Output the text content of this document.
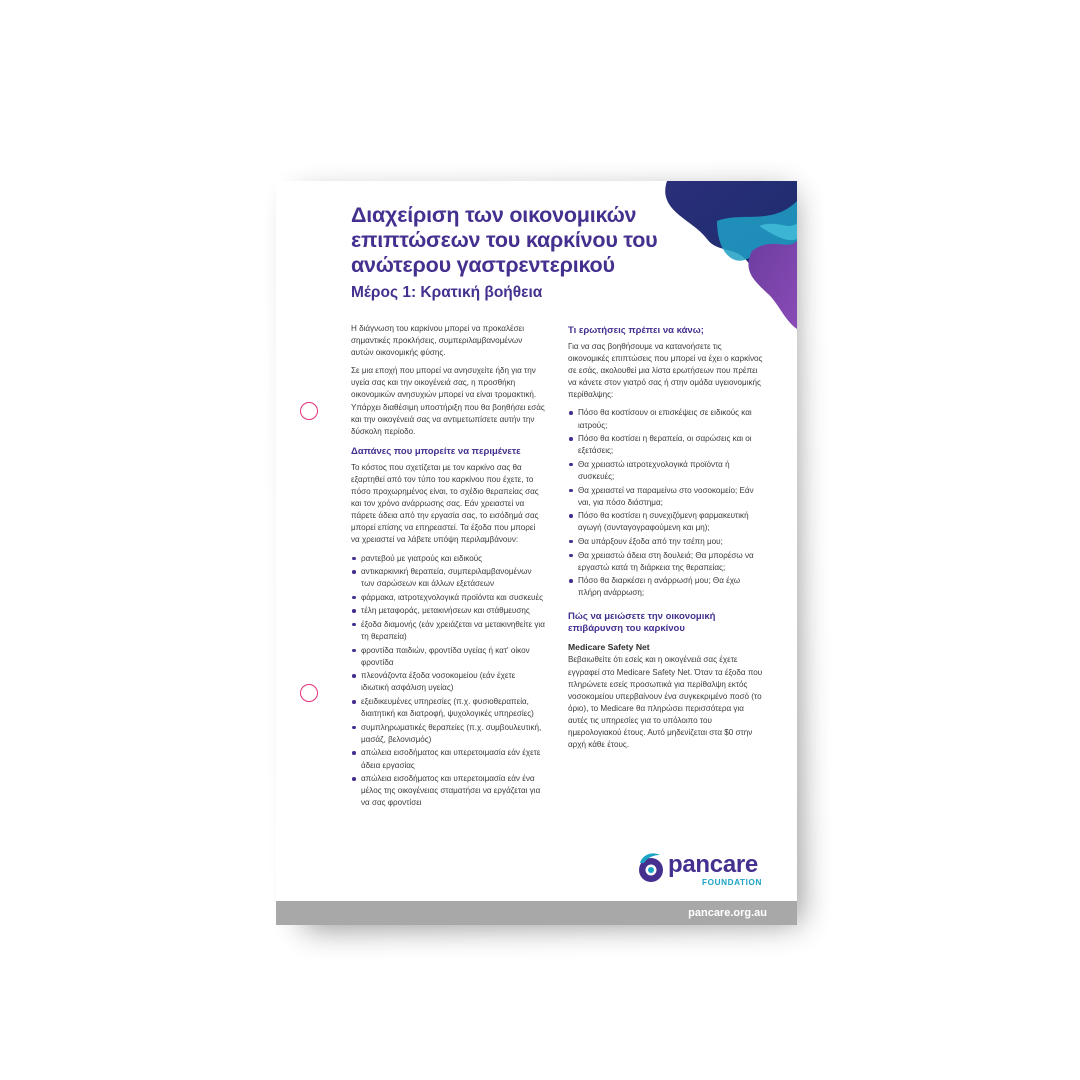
Διαχείριση των οικονομικών
επιπτώσεων του καρκίνου του
ανώτερου γαστρεντερικού
Μέρος 1: Κρατική βοήθεια

Η διάγνωση του καρκίνου μπορεί να προκαλέσει σημαντικές προκλήσεις, συμπεριλαμβανομένων αυτών οικονομικής φύσης.

Σε μια εποχή που μπορεί να ανησυχείτε ήδη για την υγεία σας και την οικογένειά σας, η προσθήκη οικονομικών ανησυχιών μπορεί να είναι τρομακτική. Υπάρχει διαθέσιμη υποστήριξη που θα βοηθήσει εσάς και την οικογένειά σας να αντιμετωπίσετε αυτήν την δύσκολη περίοδο.

Δαπάνες που μπορείτε να περιμένετε

Το κόστος που σχετίζεται με τον καρκίνο σας θα εξαρτηθεί από τον τύπο του καρκίνου που έχετε, το πόσο προχωρημένος είναι, το σχέδιο θεραπείας σας και τον χρόνο ανάρρωσης σας. Εάν χρειαστεί να πάρετε άδεια από την εργασία σας, το εισόδημά σας μπορεί επίσης να επηρεαστεί. Τα έξοδα που μπορεί να χρειαστεί να λάβετε υπόψη περιλαμβάνουν:

ραντεβού με γιατρούς και ειδικούς
αντικαρκινική θεραπεία, συμπεριλαμβανομένων των σαρώσεων και άλλων εξετάσεων
φάρμακα, ιατροτεχνολογικά προϊόντα και συσκευές
τέλη μεταφοράς, μετακινήσεων και στάθμευσης
έξοδα διαμονής (εάν χρειάζεται να μετακινηθείτε για τη θεραπεία)
φροντίδα παιδιών, φροντίδα υγείας ή κατ' οίκον φροντίδα
πλεονάζοντα έξοδα νοσοκομείου (εάν έχετε ιδιωτική ασφάλιση υγείας)
εξειδικευμένες υπηρεσίες (π.χ. φυσιοθεραπεία, διαιτητική και διατροφή, ψυχολογικές υπηρεσίες)
συμπληρωματικές θεραπείες (π.χ. συμβουλευτική, μασάζ, βελονισμός)
απώλεια εισοδήματος και υπερετοιμασία εάν έχετε άδεια εργασίας
απώλεια εισοδήματος και υπερετοιμασία εάν ένα μέλος της οικογένειας σταματήσει να εργάζεται για να σας φροντίσει
Τι ερωτήσεις πρέπει να κάνω;

Για να σας βοηθήσουμε να κατανοήσετε τις οικονομικές επιπτώσεις που μπορεί να έχει ο καρκίνος σε εσάς, ακολουθεί μια λίστα ερωτήσεων που πρέπει να κάνετε στον γιατρό σας ή στην ομάδα υγειονομικής περίθαλψης:

Πόσο θα κοστίσουν οι επισκέψεις σε ειδικούς και ιατρούς;
Πόσο θα κοστίσει η θεραπεία, οι σαρώσεις και οι εξετάσεις;
Θα χρειαστώ ιατροτεχνολογικά προϊόντα ή συσκευές;
Θα χρειαστεί να παραμείνω στο νοσοκομείο; Εάν ναι, για πόσο διάστημα;
Πόσο θα κοστίσει η συνεχιζόμενη φαρμακευτική αγωγή (συνταγογραφούμενη και μη);
Θα υπάρξουν έξοδα από την τσέπη μου;
Θα χρειαστώ άδεια στη δουλειά; Θα μπορέσω να εργαστώ κατά τη διάρκεια της θεραπείας;
Πόσο θα διαρκέσει η ανάρρωσή μου; Θα έχω πλήρη ανάρρωση;
Πώς να μειώσετε την οικονομική επιβάρυνση του καρκίνου
Medicare Safety Net

Βεβαιωθείτε ότι εσείς και η οικογένειά σας έχετε εγγραφεί στο Medicare Safety Net. Όταν τα έξοδα που πληρώνετε εσείς προσωπικά για περίθαλψη εκτός νοσοκομείου υπερβαίνουν ένα συγκεκριμένο ποσό (το όριο), το Medicare θα πληρώσει περισσότερα για αυτές τις υπηρεσίες για το υπόλοιπο του ημερολογιακού έτους. Αυτό μηδενίζεται στα $0 στην αρχή κάθε έτους.

pancare
FOUNDATION
pancare.org.au
